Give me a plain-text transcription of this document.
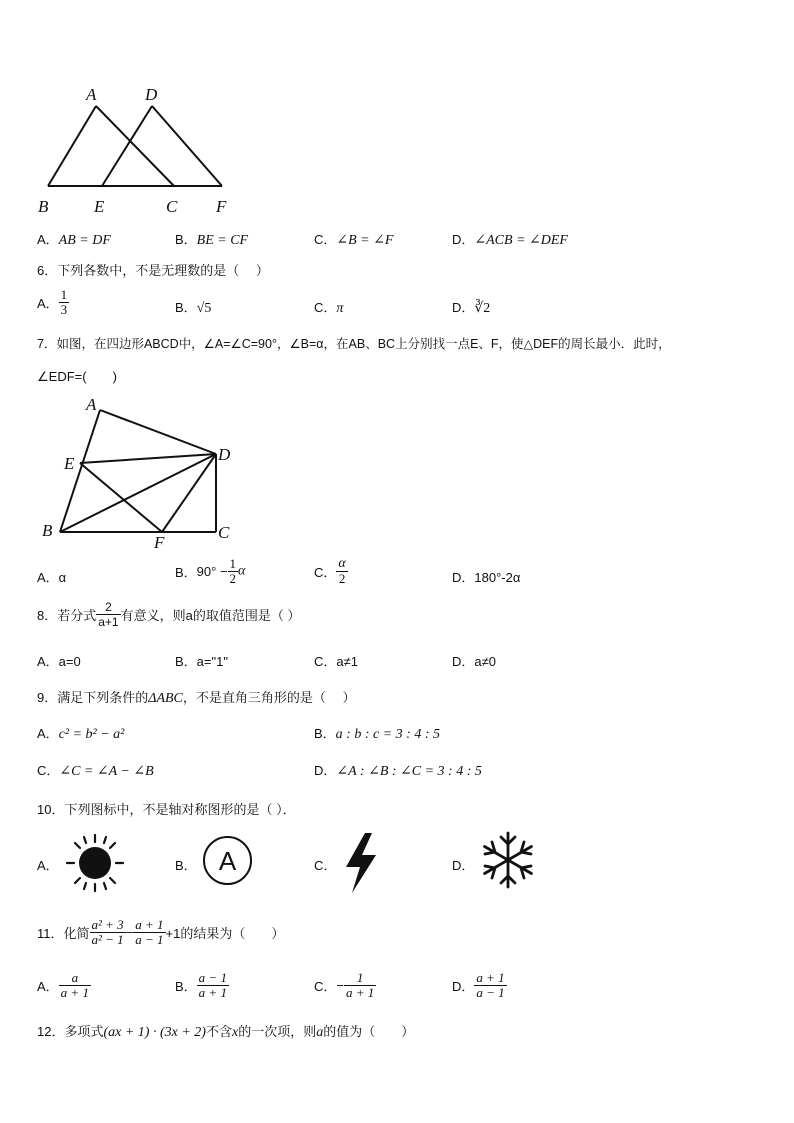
A	D
B	E	C F
A．AB = DF	B．BE = CF	C．∠B = ∠F	D．∠ACB = ∠DEF
6．下列各数中，不是无理数的是（　 ）
A． $\frac{1}{3}$	B．√5	C．π	D．∛2
7．如图，在四边形ABCD中，∠A=∠C=90°，∠B=α，在AB、BC上分别找一点E、F，使△DEF的周长最小．此时，
∠EDF=(　　)
A
E	D
B
F
C
A．α	B．$90^\circ - \frac{1}{2}$ α	C． $\frac{\alpha}{2}$	D．180°-2α
8．若分式 $\frac{2}{a+1}$ 有意义，则a的取值范围是（ ）
A．a=0	B．a="1"	C．a≠1	D．a≠0
9．满足下列条件的ΔABC，不是直角三角形的是（　 ）
A．c² = b² − a²	B．a : b : c = 3 : 4 : 5
C．∠C = ∠A − ∠B	D．∠A : ∠B : ∠C = 3 : 4 : 5
10．下列图标中，不是轴对称图形的是（ ）．
A．	B． A	C．	D．
11．化简 $\frac{\text{a² + 3}}{\text{a² − 1}} - \frac{a + 1}{a - 1} +1$的结果为（　　）
A． $\frac{a}{a + 1}$	B． $\frac{a - 1}{a + 1}$	C．− $\frac{1}{a + 1}$	D． $\frac{a + 1}{a - 1}$
12．多项式(ax + 1) · (3x + 2)不含x的一次项，则a的值为（　　）
